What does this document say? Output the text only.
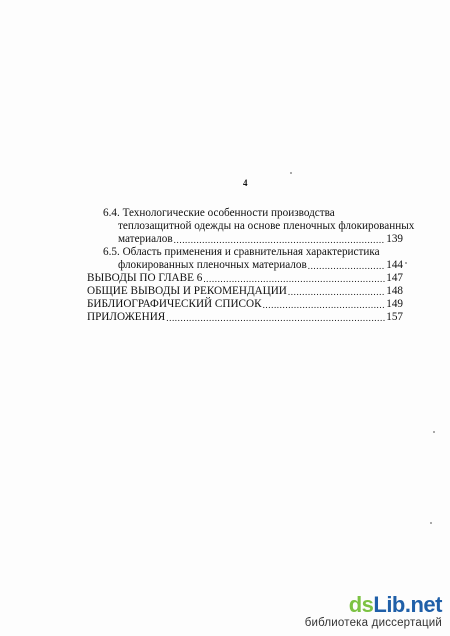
4
6.4. Технологические особенности производства
теплозащитной одежды на основе пленочных флокированных
материалов .....	139
6.5. Область применения и сравнительная характеристика
флокированных пленочных материалов .....	144
ВЫВОДЫ ПО ГЛАВЕ 6 .....	147
ОБЩИЕ ВЫВОДЫ И РЕКОМЕНДАЦИИ .....	148
БИБЛИОГРАФИЧЕСКИЙ СПИСОК .....	149
ПРИЛОЖЕНИЯ .....	157
dsLib.net
библиотека диссертаций
